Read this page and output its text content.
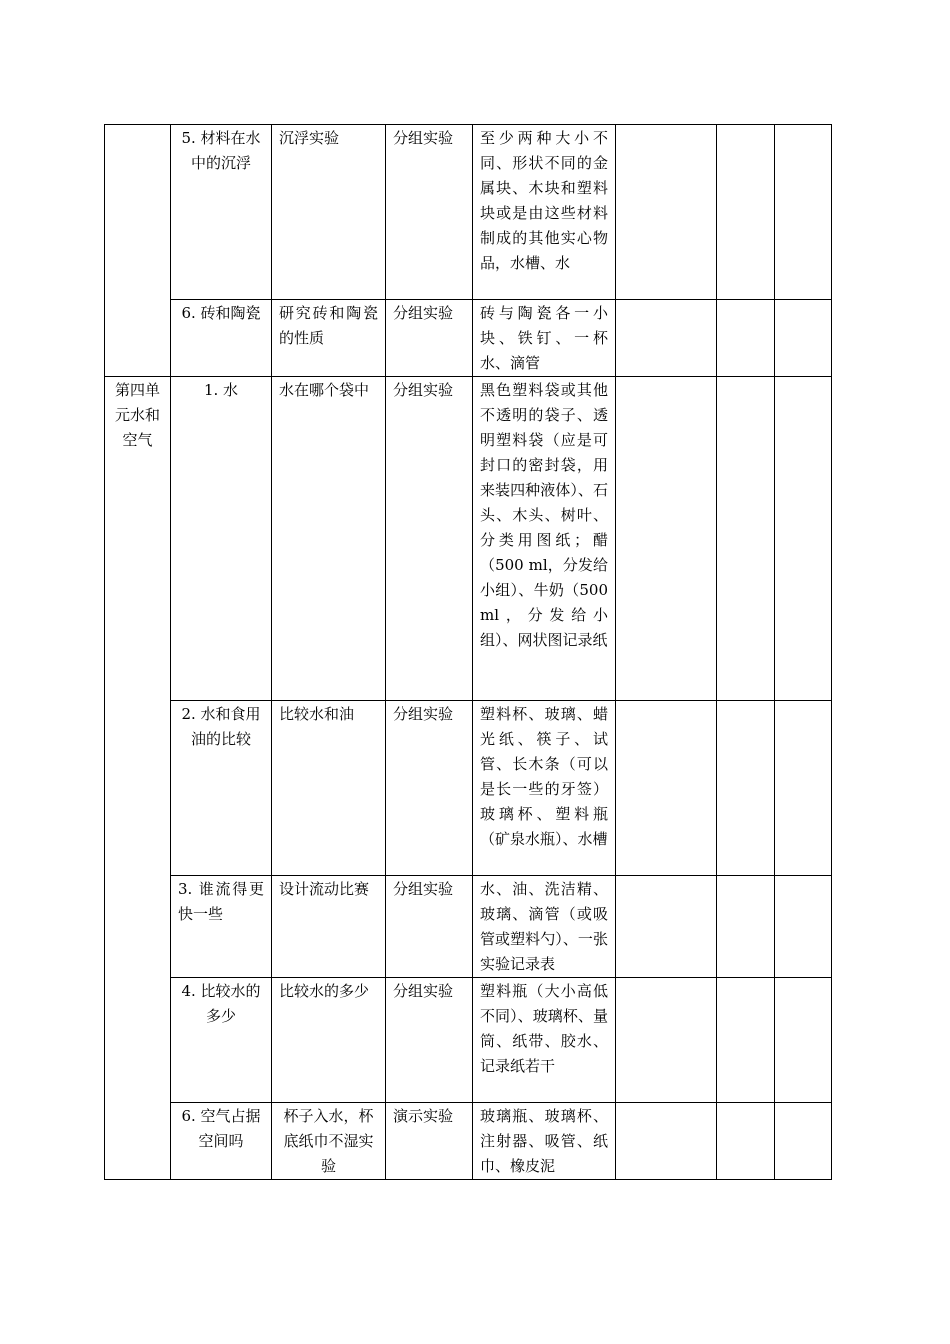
	5. 材料在水中的沉浮	沉浮实验	分组实验	至少两种大小不同、形状不同的金属块、木块和塑料块或是由这些材料制成的其他实心物品，水槽、水			
	6. 砖和陶瓷	研究砖和陶瓷的性质	分组实验	砖与陶瓷各一小块、铁钉、一杯水、滴管			
第四单元水和空气	1. 水	水在哪个袋中	分组实验	黑色塑料袋或其他不透明的袋子、透明塑料袋（应是可封口的密封袋，用来装四种液体）、石头、木头、树叶、分类用图纸；醋（500 ml，分发给小组）、牛奶（500 ml，分发给小组）、网状图记录纸			
	2. 水和食用油的比较	比较水和油	分组实验	塑料杯、玻璃、蜡光纸、筷子、试管、长木条（可以是长一些的牙签）玻璃杯、塑料瓶（矿泉水瓶）、水槽			
	3. 谁流得更快一些	设计流动比赛	分组实验	水、油、洗洁精、玻璃、滴管（或吸管或塑料勺）、一张实验记录表			
	4. 比较水的多少	比较水的多少	分组实验	塑料瓶（大小高低不同）、玻璃杯、量筒、纸带、胶水、记录纸若干			
	6. 空气占据空间吗	杯子入水，杯底纸巾不湿实验	演示实验	玻璃瓶、玻璃杯、注射器、吸管、纸巾、橡皮泥			
